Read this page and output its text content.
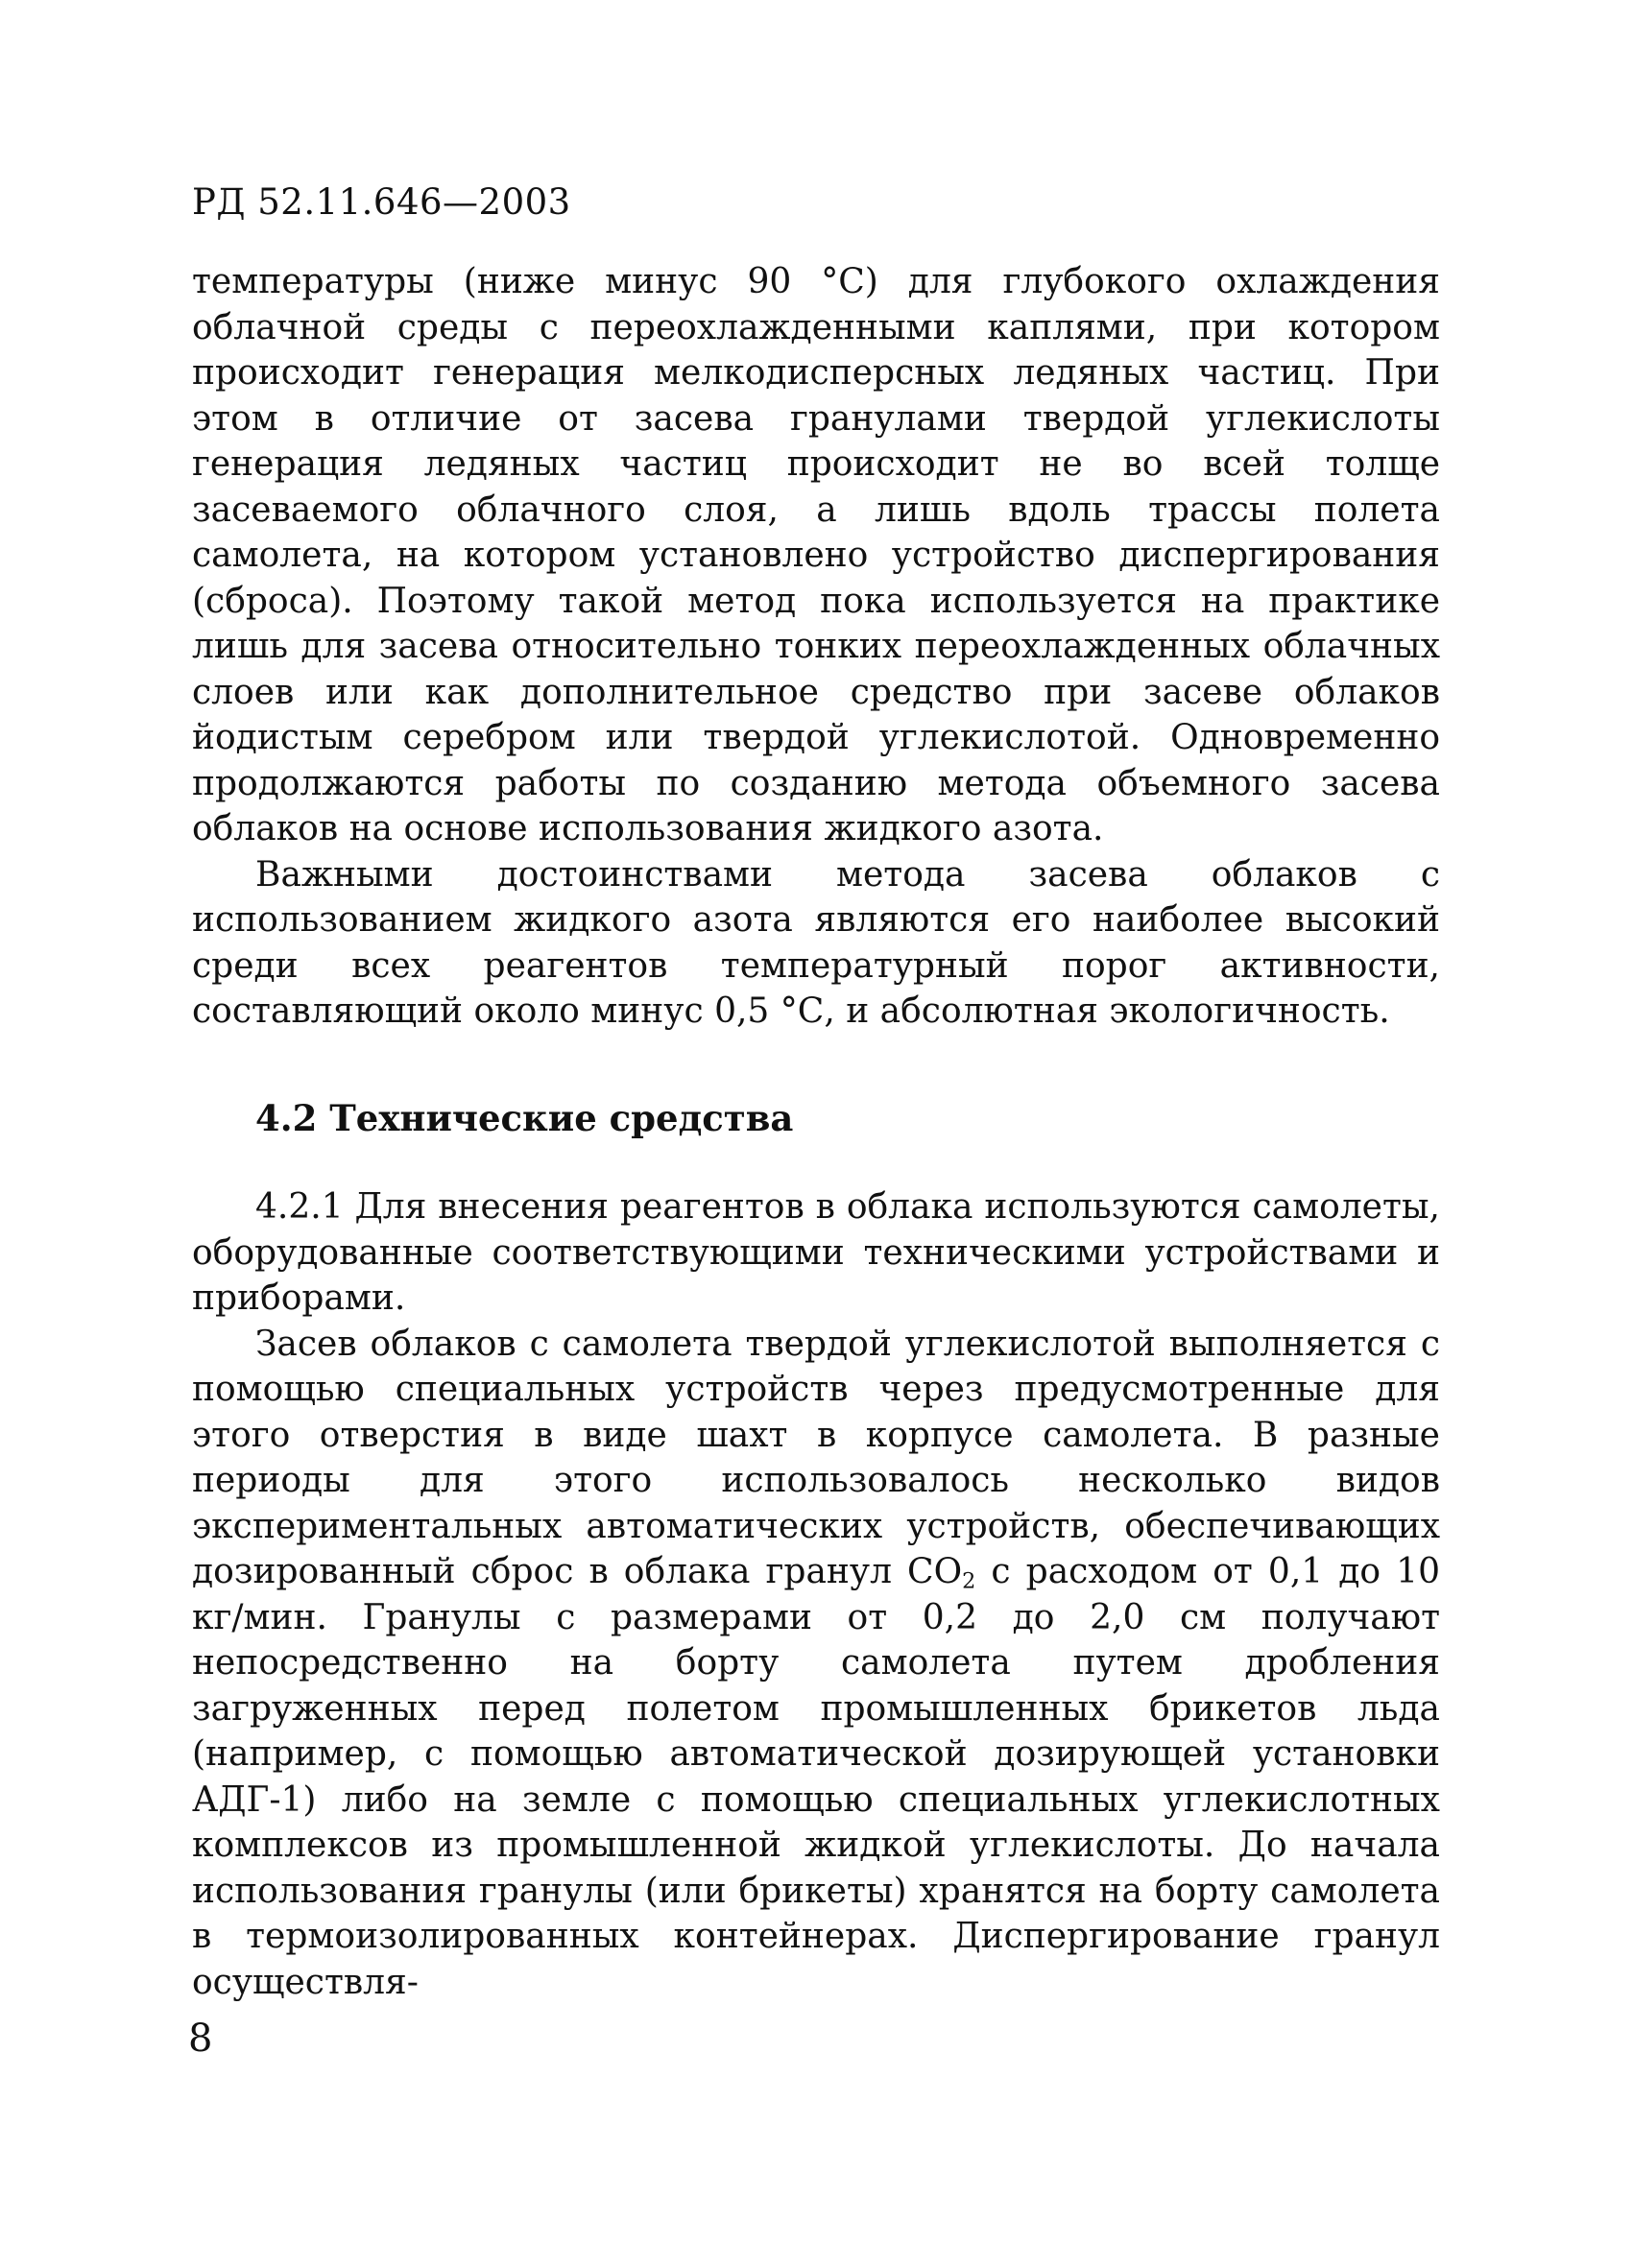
РД 52.11.646—2003

температуры (ниже минус 90 °С) для глубокого охлаждения облачной среды с переохлажденными каплями, при котором происходит генерация мелкодисперсных ледяных частиц. При этом в отличие от засева гранулами твердой углекислоты генерация ледяных частиц происходит не во всей толще засеваемого облачного слоя, а лишь вдоль трассы полета самолета, на котором установлено устройство диспергирования (сброса). Поэтому такой метод пока используется на практике лишь для засева относительно тонких переохлажденных облачных слоев или как дополнительное средство при засеве облаков йодистым серебром или твердой углекислотой. Одновременно продолжаются работы по созданию метода объемного засева облаков на основе использования жидкого азота.

Важными достоинствами метода засева облаков с использованием жидкого азота являются его наиболее высокий среди всех реагентов температурный порог активности, составляющий около минус 0,5 °С, и абсолютная экологичность.

4.2 Технические средства

4.2.1 Для внесения реагентов в облака используются самолеты, оборудованные соответствующими техническими устройствами и приборами.

Засев облаков с самолета твердой углекислотой выполняется с помощью специальных устройств через предусмотренные для этого отверстия в виде шахт в корпусе самолета. В разные периоды для этого использовалось несколько видов экспериментальных автоматических устройств, обеспечивающих дозированный сброс в облака гранул $СО_2$ с расходом от 0,1 до 10 кг/мин. Гранулы с размерами от 0,2 до 2,0 см получают непосредственно на борту самолета путем дробления загруженных перед полетом промышленных брикетов льда (например, с помощью автоматической дозирующей установки АДГ-1) либо на земле с помощью специальных углекислотных комплексов из промышленной жидкой углекислоты. До начала использования гранулы (или брикеты) хранятся на борту самолета в термоизолированных контейнерах. Диспергирование гранул осуществля-

8
